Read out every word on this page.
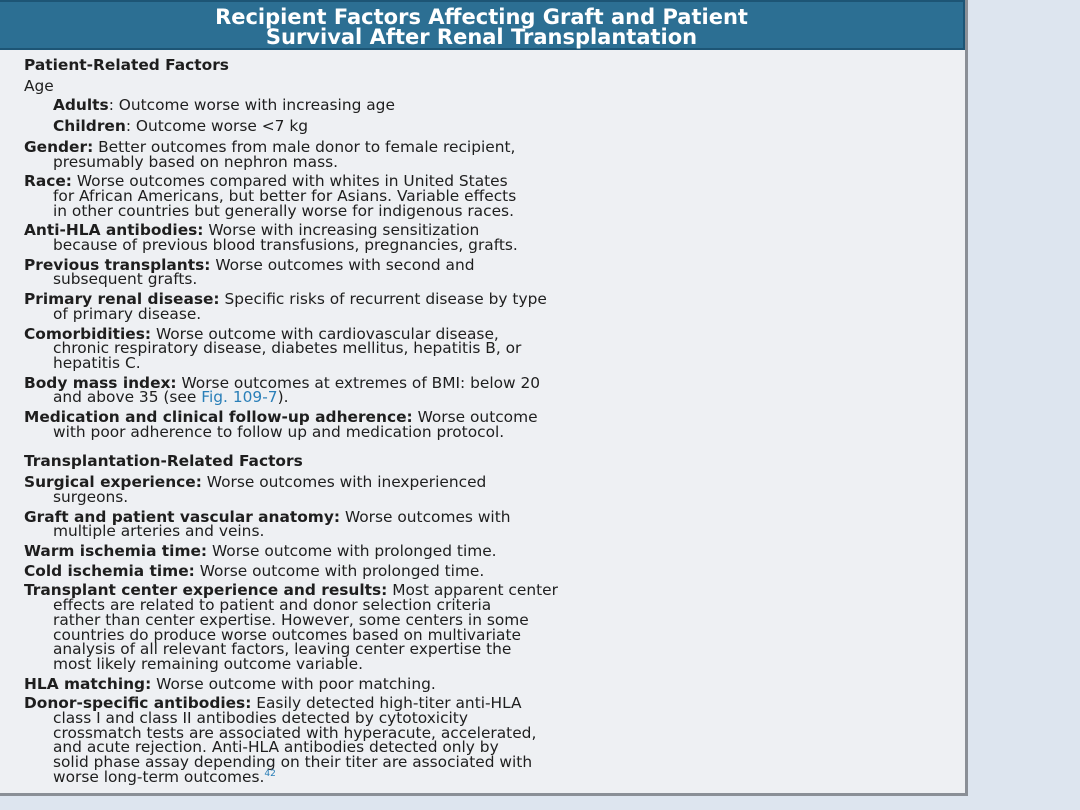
Recipient Factors Affecting Graft and Patient
Survival After Renal Transplantation
Patient-Related Factors
Age
Adults: Outcome worse with increasing age
Children: Outcome worse <7 kg
Gender: Better outcomes from male donor to female recipient,
presumably based on nephron mass.
Race: Worse outcomes compared with whites in United States
for African Americans, but better for Asians. Variable effects
in other countries but generally worse for indigenous races.
Anti-HLA antibodies: Worse with increasing sensitization
because of previous blood transfusions, pregnancies, grafts.
Previous transplants: Worse outcomes with second and
subsequent grafts.
Primary renal disease: Specific risks of recurrent disease by type
of primary disease.
Comorbidities: Worse outcome with cardiovascular disease,
chronic respiratory disease, diabetes mellitus, hepatitis B, or
hepatitis C.
Body mass index: Worse outcomes at extremes of BMI: below 20
and above 35 (see Fig. 109-7).
Medication and clinical follow-up adherence: Worse outcome
with poor adherence to follow up and medication protocol.
Transplantation-Related Factors
Surgical experience: Worse outcomes with inexperienced
surgeons.
Graft and patient vascular anatomy: Worse outcomes with
multiple arteries and veins.
Warm ischemia time: Worse outcome with prolonged time.
Cold ischemia time: Worse outcome with prolonged time.
Transplant center experience and results: Most apparent center
effects are related to patient and donor selection criteria
rather than center expertise. However, some centers in some
countries do produce worse outcomes based on multivariate
analysis of all relevant factors, leaving center expertise the
most likely remaining outcome variable.
HLA matching: Worse outcome with poor matching.
Donor-specific antibodies: Easily detected high-titer anti-HLA
class I and class II antibodies detected by cytotoxicity
crossmatch tests are associated with hyperacute, accelerated,
and acute rejection. Anti-HLA antibodies detected only by
solid phase assay depending on their titer are associated with
worse long-term outcomes.$^{42}$
